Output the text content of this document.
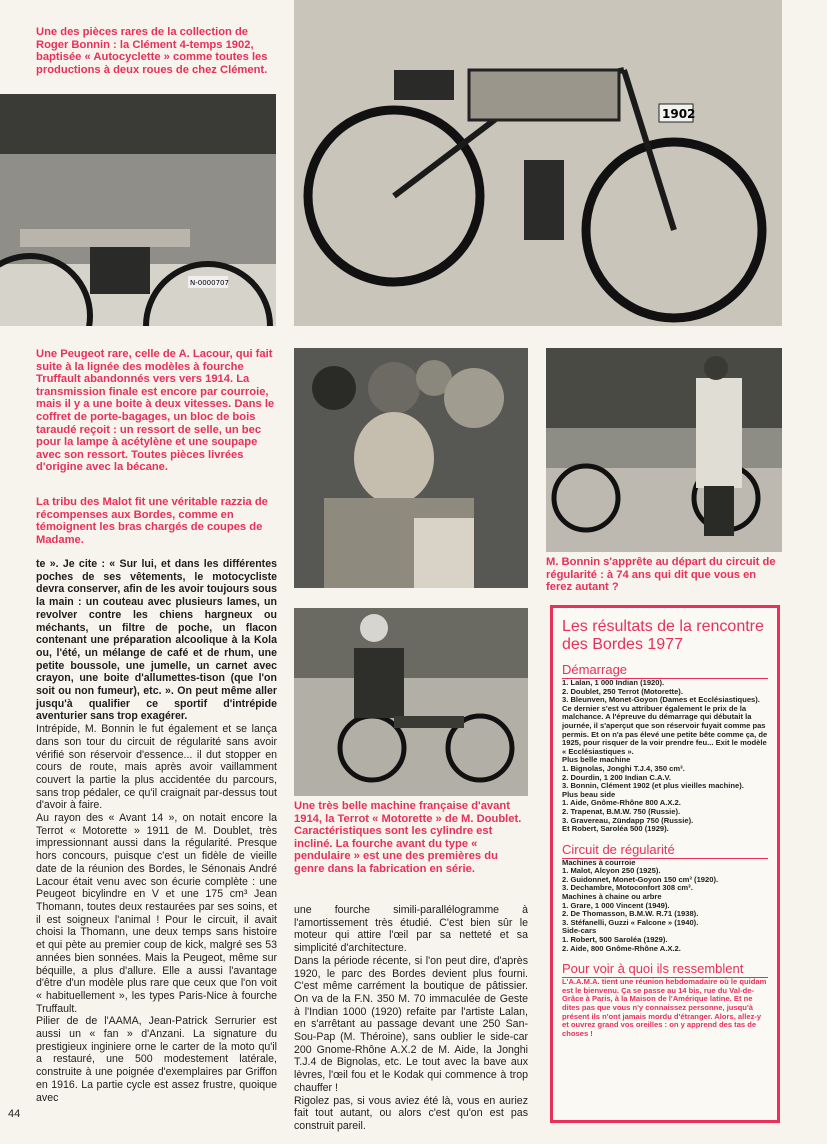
Une des pièces rares de la collection de Roger Bonnin : la Clément 4-temps 1902, baptisée « Autocyclette » comme toutes les productions à deux roues de chez Clément.
N-0000707
1902
Une Peugeot rare, celle de A. Lacour, qui fait suite à la lignée des modèles à fourche Truffault abandonnés vers vers 1914. La transmission finale est encore par courroie, mais il y a une boite à deux vitesses. Dans le coffret de porte-bagages, un bloc de bois taraudé reçoit : un ressort de selle, un bec pour la lampe à acétylène et une soupape avec son ressort. Toutes pièces livrées d'origine avec la bécane.
La tribu des Malot fit une véritable razzia de récompenses aux Bordes, comme en témoignent les bras chargés de coupes de Madame.
M. Bonnin s'apprête au départ du circuit de régularité : à 74 ans qui dit que vous en ferez autant ?
Une très belle machine française d'avant 1914, la Terrot « Motorette » de M. Doublet. Caractéristiques sont les cylindre est incliné. La fourche avant du type « pendulaire » est une des premières du genre dans la fabrication en série.

te ». Je cite : « Sur lui, et dans les différentes poches de ses vêtements, le motocycliste devra conserver, afin de les avoir toujours sous la main : un couteau avec plusieurs lames, un revolver contre les chiens hargneux ou méchants, un filtre de poche, un flacon contenant une préparation alcoolique à la Kola ou, l'été, un mélange de café et de rhum, une petite boussole, une jumelle, un carnet avec crayon, une boite d'allumettes-tison (que l'on soit ou non fumeur), etc. ». On peut même aller jusqu'à qualifier ce sportif d'intrépide aventurier sans trop exagérer.

Intrépide, M. Bonnin le fut également et se lança dans son tour du circuit de régularité sans avoir vérifié son réservoir d'essence... il dut stopper en cours de route, mais après avoir vaillamment couvert la partie la plus accidentée du parcours, sans trop pédaler, ce qu'il craignait par-dessus tout d'avoir à faire.

Au rayon des « Avant 14 », on notait encore la Terrot « Motorette » 1911 de M. Doublet, très impressionnant aussi dans la régularité. Presque hors concours, puisque c'est un fidèle de vieille date de la réunion des Bordes, le Sénonais André Lacour était venu avec son écurie complète : une Peugeot bicylindre en V et une 175 cm³ Jean Thomann, toutes deux restaurées par ses soins, et il est soigneux l'animal ! Pour le circuit, il avait choisi la Thomann, une deux temps sans histoire et qui pète au premier coup de kick, malgré ses 53 années bien sonnées. Mais la Peugeot, même sur béquille, a plus d'allure. Elle a aussi l'avantage d'être d'un modèle plus rare que ceux que l'on voit « habituellement », les types Paris-Nice à fourche Truffault.

Pilier de de l'AAMA, Jean-Patrick Serrurier est aussi un « fan » d'Anzani. La signature du prestigieux inginiere orne le carter de la moto qu'il a restauré, une 500 modestement latérale, construite à une poignée d'exemplaires par Griffon en 1916. La partie cycle est assez frustre, quoique avec

une fourche simili-parallélogramme à l'amortissement très étudié. C'est bien sûr le moteur qui attire l'œil par sa netteté et sa simplicité d'architecture.

Dans la période récente, si l'on peut dire, d'après 1920, le parc des Bordes devient plus fourni. C'est même carrément la boutique de pâtissier. On va de la F.N. 350 M. 70 immaculée de Geste à l'Indian 1000 (1920) refaite par l'artiste Lalan, en s'arrêtant au passage devant une 250 San-Sou-Pap (M. Théroine), sans oublier le side-car 200 Gnome-Rhône A.X.2 de M. Aide, la Jonghi T.J.4 de Bignolas, etc. Le tout avec la bave aux lèvres, l'œil fou et le Kodak qui commence à trop chauffer !

Rigolez pas, si vous aviez été là, vous en auriez fait tout autant, ou alors c'est qu'on est pas construit pareil.

Les résultats de la rencontre des Bordes 1977
Démarrage
1. Lalan, 1 000 Indian (1920).
2. Doublet, 250 Terrot (Motorette).
3. Bleunven, Monet-Goyon (Dames et Ecclésiastiques).
Ce dernier s'est vu attribuer également le prix de la malchance. A l'épreuve du démarrage qui débutait la journée, il s'aperçut que son réservoir fuyait comme pas permis. Et on n'a pas élevé une petite bête comme ça, de 1925, pour risquer de la voir prendre feu... Exit le modèle « Ecclésiastiques ».
Plus belle machine
1. Bignolas, Jonghi T.J.4, 350 cm³.
2. Dourdin, 1 200 Indian C.A.V.
3. Bonnin, Clément 1902 (et plus vieilles machine).
Plus beau side
1. Aide, Gnôme-Rhône 800 A.X.2.
2. Trapenat, B.M.W. 750 (Russie).
3. Gravereau, Zündapp 750 (Russie).
Et Robert, Saroléa 500 (1929).
Circuit de régularité
Machines à courroie
1. Malot, Alcyon 250 (1925).
2. Guidonnet, Monet-Goyon 150 cm³ (1920).
3. Dechambre, Motoconfort 308 cm³.
Machines à chaine ou arbre
1. Grare, 1 000 Vincent (1949).
2. De Thomasson, B.M.W. R.71 (1938).
3. Stéfanelli, Guzzi « Falcone » (1940).
Side-cars
1. Robert, 500 Saroléa (1929).
2. Aide, 800 Gnôme-Rhône A.X.2.
Pour voir à quoi ils ressemblent
L'A.A.M.A. tient une réunion hebdomadaire où le quidam est le bienvenu. Ça se passe au 14 bis, rue du Val-de-Grâce à Paris, à la Maison de l'Amérique latine. Et ne dites pas que vous n'y connaissez personne, jusqu'à présent ils n'ont jamais mordu d'étranger. Alors, allez-y et ouvrez grand vos oreilles : on y apprend des tas de choses !
44
